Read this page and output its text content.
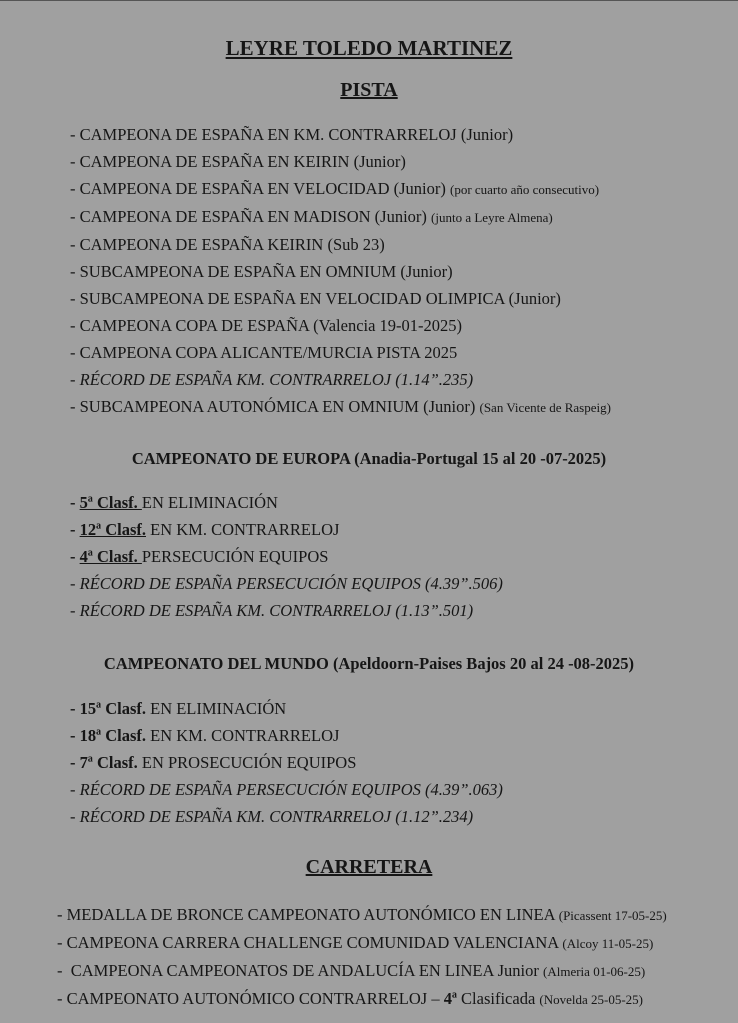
LEYRE TOLEDO MARTINEZ
PISTA
- CAMPEONA DE ESPAÑA EN KM. CONTRARRELOJ (Junior)
- CAMPEONA DE ESPAÑA EN KEIRIN (Junior)
- CAMPEONA DE ESPAÑA EN VELOCIDAD (Junior) (por cuarto año consecutivo)
- CAMPEONA DE ESPAÑA EN MADISON (Junior) (junto a Leyre Almena)
- CAMPEONA DE ESPAÑA KEIRIN (Sub 23)
- SUBCAMPEONA DE ESPAÑA EN OMNIUM (Junior)
- SUBCAMPEONA DE ESPAÑA EN VELOCIDAD OLIMPICA (Junior)
- CAMPEONA COPA DE ESPAÑA (Valencia 19-01-2025)
- CAMPEONA COPA ALICANTE/MURCIA PISTA 2025
- RÉCORD DE ESPAÑA KM. CONTRARRELOJ (1.14”.235)
- SUBCAMPEONA AUTONÓMICA EN OMNIUM (Junior) (San Vicente de Raspeig)
CAMPEONATO DE EUROPA (Anadia-Portugal 15 al 20 -07-2025)
- 5ª Clasf. EN ELIMINACIÓN
- 12ª Clasf. EN KM. CONTRARRELOJ
- 4ª Clasf. PERSECUCIÓN EQUIPOS
- RÉCORD DE ESPAÑA PERSECUCIÓN EQUIPOS (4.39”.506)
- RÉCORD DE ESPAÑA KM. CONTRARRELOJ (1.13”.501)
CAMPEONATO DEL MUNDO (Apeldoorn-Paises Bajos 20 al 24 -08-2025)
- 15ª Clasf. EN ELIMINACIÓN
- 18ª Clasf. EN KM. CONTRARRELOJ
- 7ª Clasf. EN PROSECUCIÓN EQUIPOS
- RÉCORD DE ESPAÑA PERSECUCIÓN EQUIPOS (4.39”.063)
- RÉCORD DE ESPAÑA KM. CONTRARRELOJ (1.12”.234)
CARRETERA
- MEDALLA DE BRONCE CAMPEONATO AUTONÓMICO EN LINEA (Picassent 17-05-25)
- CAMPEONA CARRERA CHALLENGE COMUNIDAD VALENCIANA (Alcoy 11-05-25)
-  CAMPEONA CAMPEONATOS DE ANDALUCÍA EN LINEA Junior (Almeria 01-06-25)
- CAMPEONATO AUTONÓMICO CONTRARRELOJ – 4ª Clasificada (Novelda 25-05-25)
